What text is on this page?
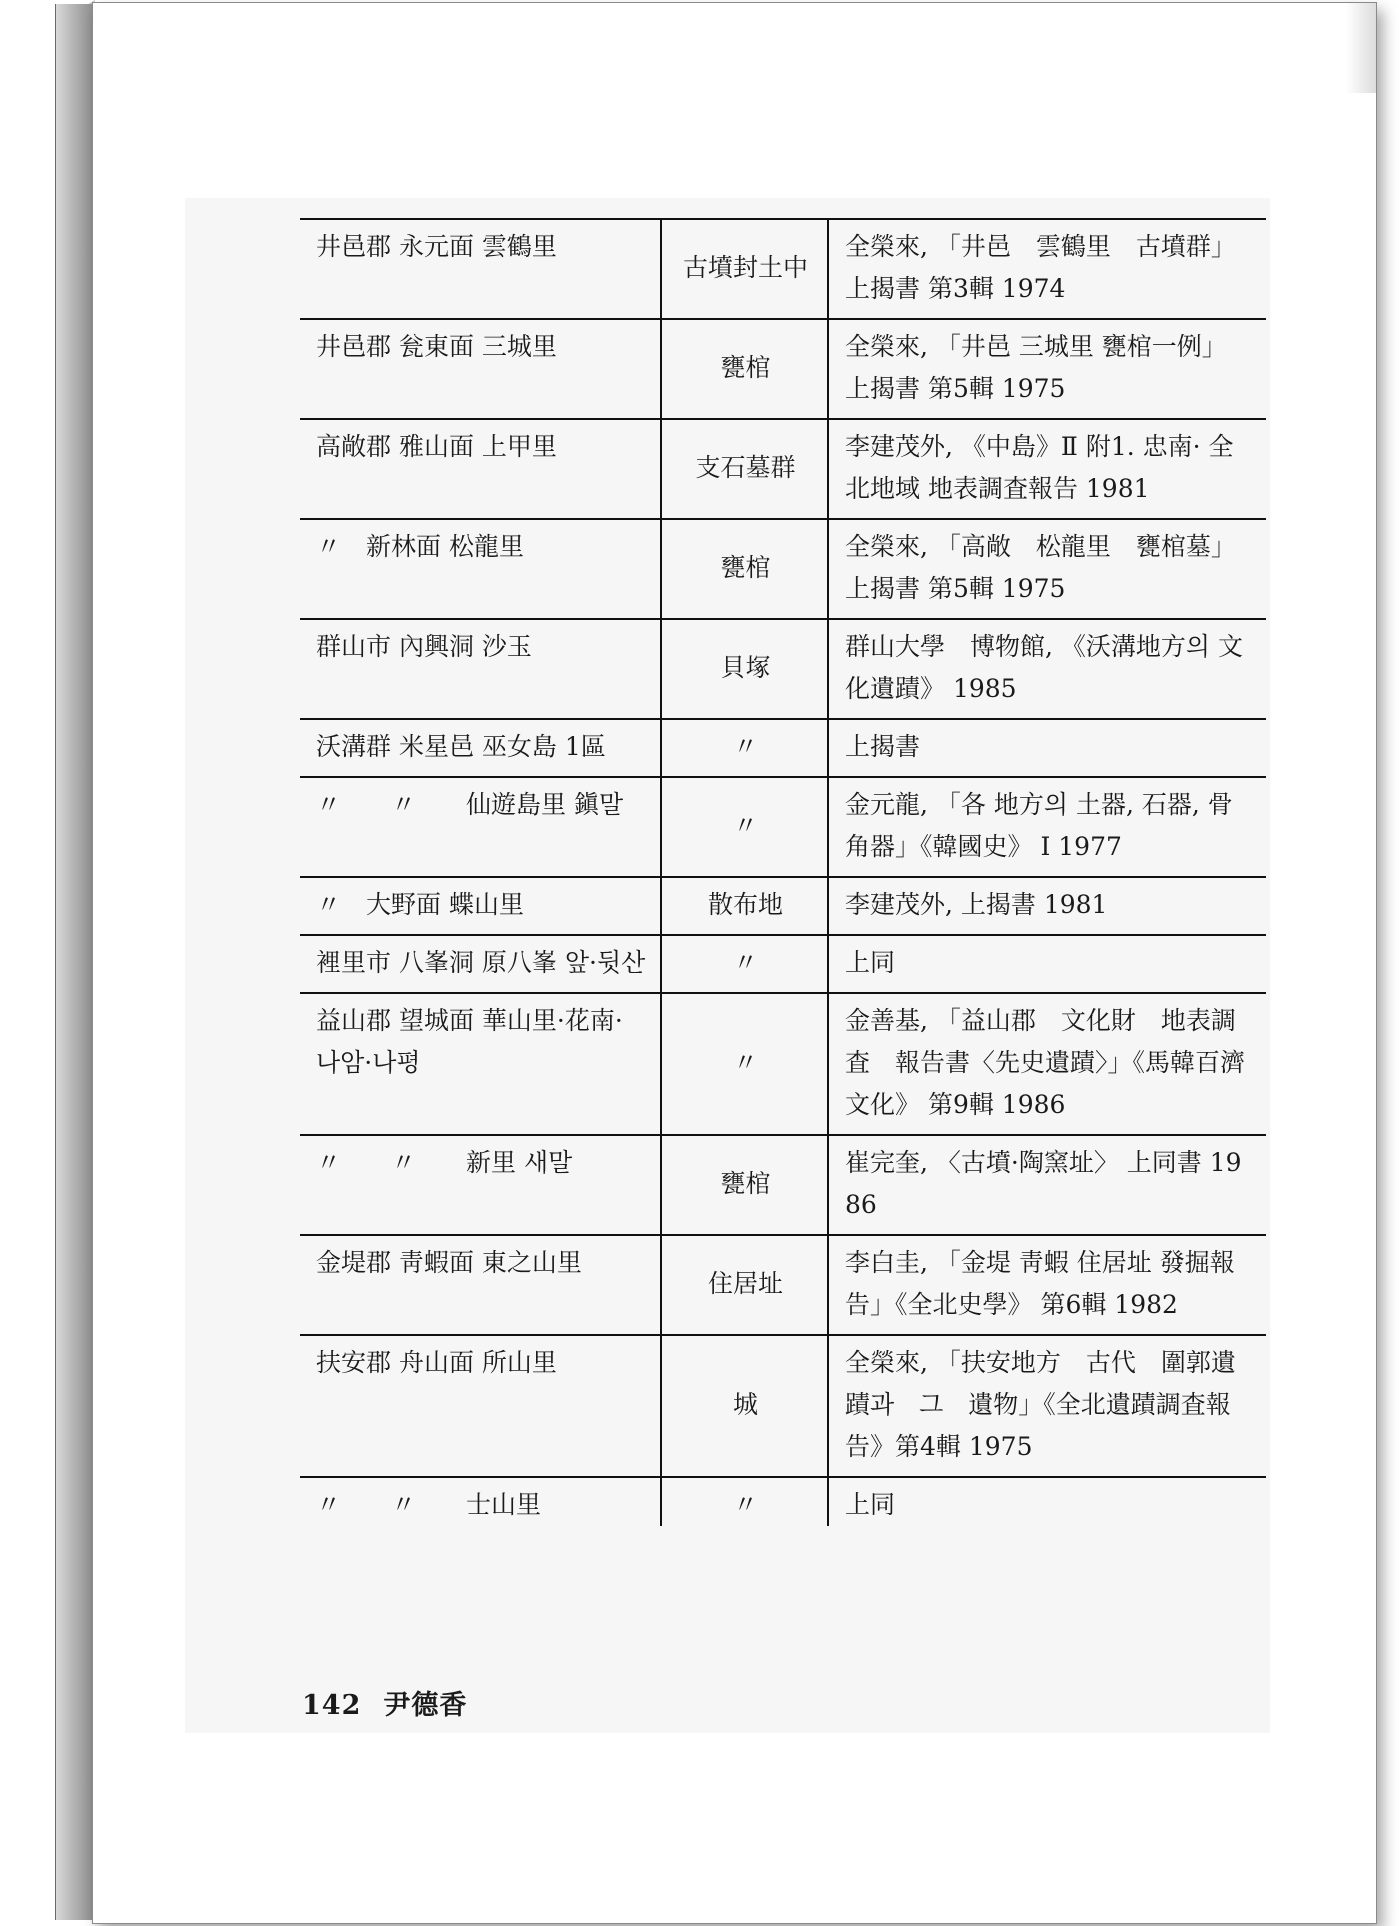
井邑郡 永元面 雲鶴里	古墳封土中	全榮來, 「井邑　雲鶴里　古墳群」 上揭書 第3輯 1974
井邑郡 瓮東面 三城里	甕棺	全榮來, 「井邑 三城里 甕棺一例」 上揭書 第5輯 1975
高敞郡 雅山面 上甲里	支石墓群	李建茂外, 《中島》Ⅱ 附1. 忠南· 全北地域 地表調査報告 1981
〃　新林面 松龍里	甕棺	全榮來, 「高敞　松龍里　甕棺墓」 上揭書 第5輯 1975
群山市 內興洞 沙玉	貝塚	群山大學　博物館, 《沃溝地方의 文化遺蹟》 1985
沃溝群 米星邑 巫女島 1區	〃	上揭書
〃　　〃　　仙遊島里 鎭말	〃	金元龍, 「各 地方의 土器, 石器, 骨角器」《韓國史》 Ⅰ 1977
〃　大野面 蝶山里	散布地	李建茂外, 上揭書 1981
裡里市 八峯洞 原八峯 앞·뒷산	〃	上同
益山郡 望城面 華山里·花南·나암·나평	〃	金善基, 「益山郡　文化財　地表調査　報告書〈先史遺蹟〉」《馬韓百濟文化》 第9輯 1986
〃　　〃　　新里 새말	甕棺	崔完奎, 〈古墳·陶窯址〉 上同書 1986
金堤郡 靑蝦面 東之山里	住居址	李白圭, 「金堤 靑蝦 住居址 發掘報告」《全北史學》 第6輯 1982
扶安郡 舟山面 所山里	城	全榮來, 「扶安地方　古代　圍郭遺蹟과　그　遺物」《全北遺蹟調査報告》第4輯 1975
〃　　〃　　士山里	〃	上同
142 尹德香
